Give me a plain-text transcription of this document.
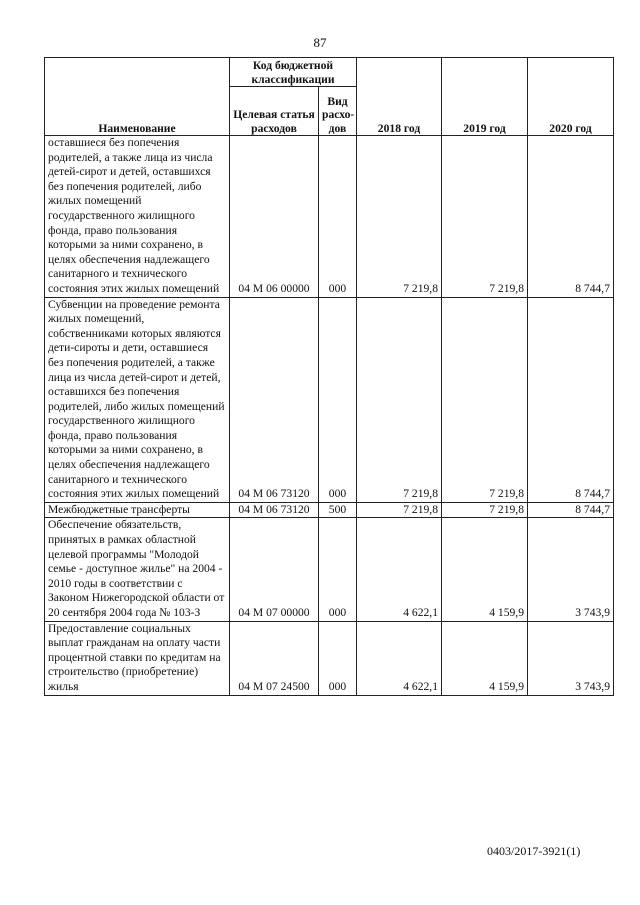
87
Наименование	Код бюджетной классификации		2018 год	2019 год	2020 год
	Целевая статья расходов	Вид расхо-дов			
оставшиеся без попечения родителей, а также лица из числа детей-сирот и детей, оставшихся без попечения родителей, либо жилых помещений государственного жилищного фонда, право пользования которыми за ними сохранено, в целях обеспечения надлежащего санитарного и технического состояния этих жилых помещений	04 М 06 00000	000	7 219,8	7 219,8	8 744,7
Субвенции на проведение ремонта жилых помещений, собственниками которых являются дети-сироты и дети, оставшиеся без попечения родителей, а также лица из числа детей-сирот и детей, оставшихся без попечения родителей, либо жилых помещений государственного жилищного фонда, право пользования которыми за ними сохранено, в целях обеспечения надлежащего санитарного и технического состояния этих жилых помещений	04 М 06 73120	000	7 219,8	7 219,8	8 744,7
Межбюджетные трансферты	04 М 06 73120	500	7 219,8	7 219,8	8 744,7
Обеспечение обязательств, принятых в рамках областной целевой программы "Молодой семье - доступное жилье" на 2004 - 2010 годы в соответствии с Законом Нижегородской области от 20 сентября 2004 года № 103-З	04 М 07 00000	000	4 622,1	4 159,9	3 743,9
Предоставление социальных выплат гражданам на оплату части процентной ставки по кредитам на строительство (приобретение) жилья	04 М 07 24500	000	4 622,1	4 159,9	3 743,9
0403/2017-3921(1)
